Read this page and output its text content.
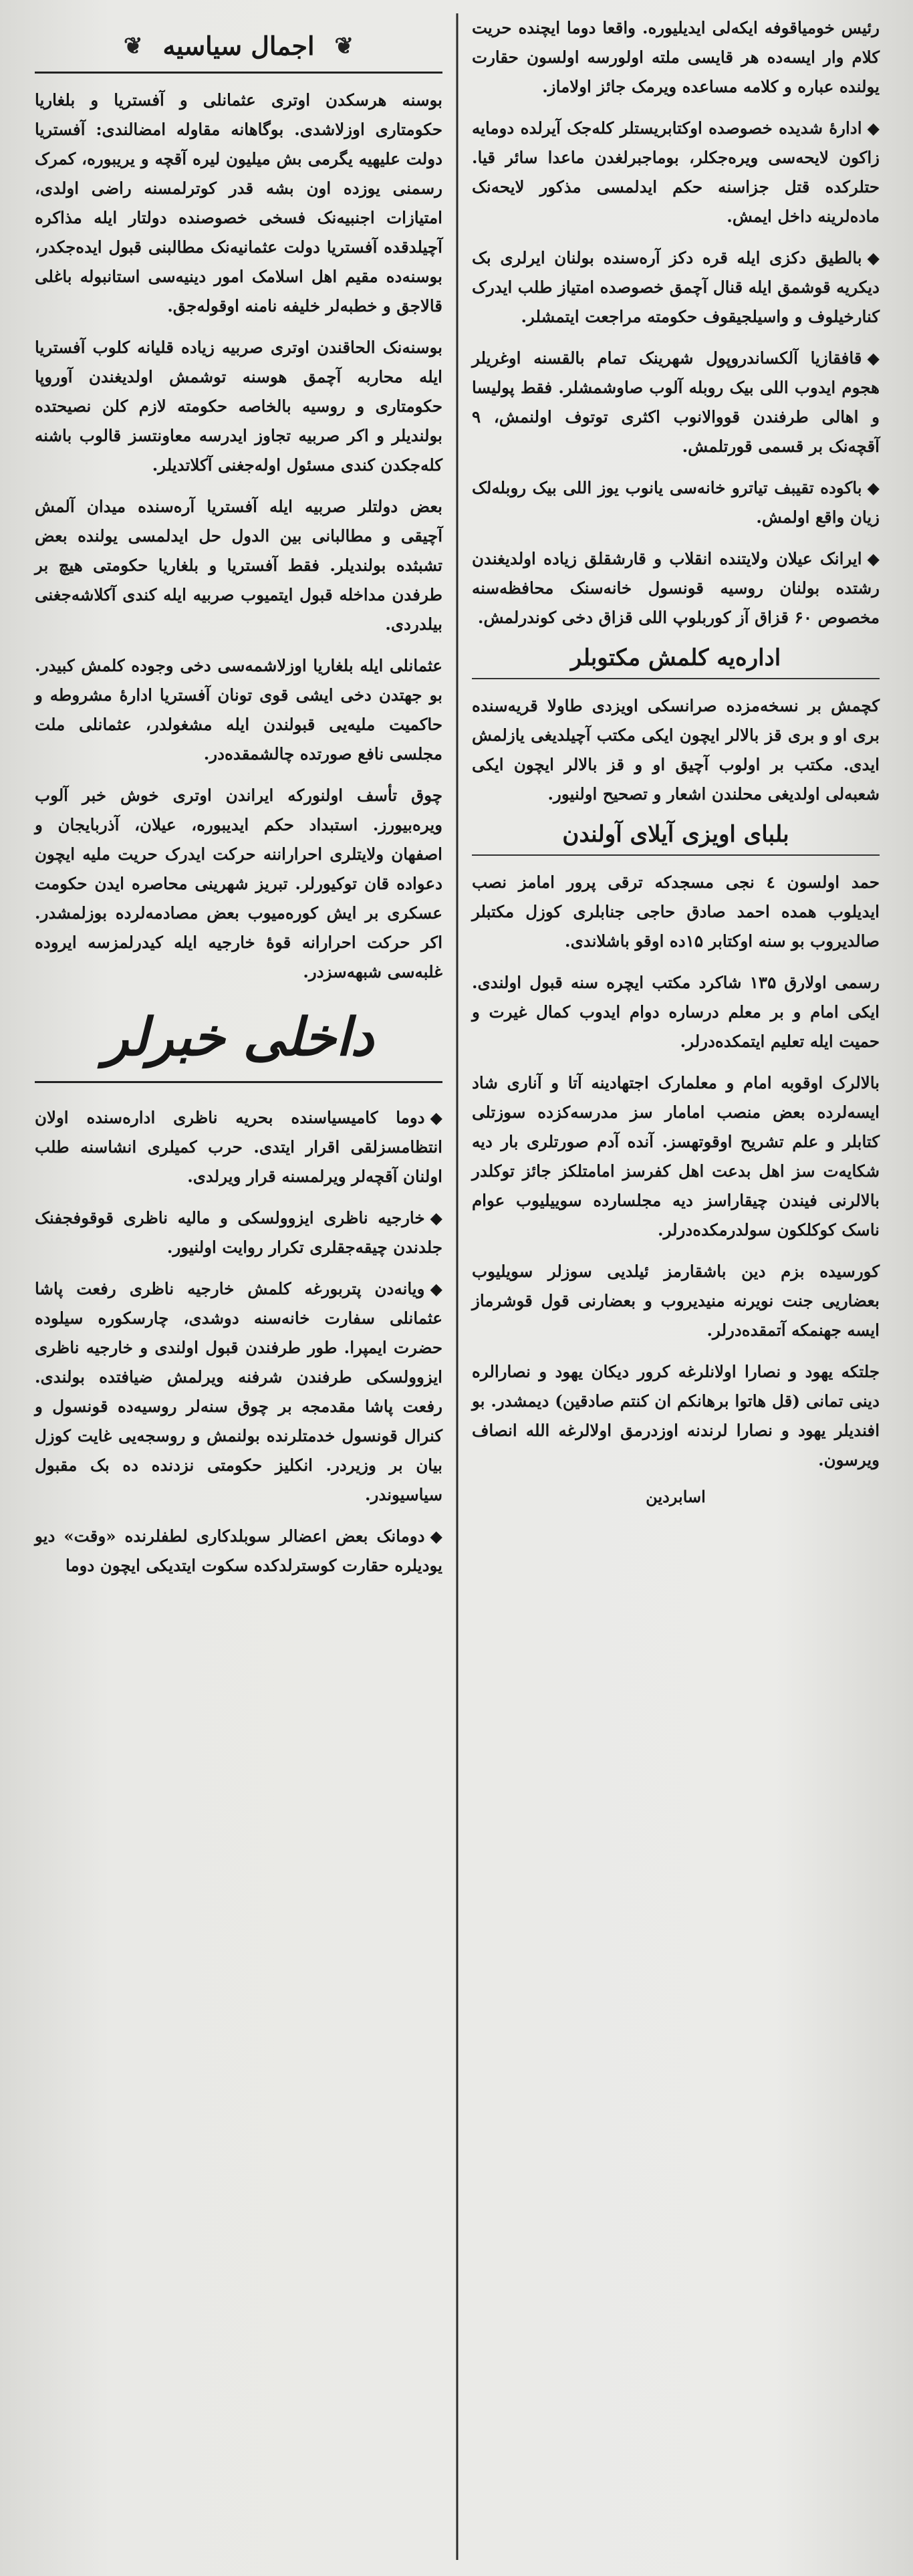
❦
اجمال سیاسیه
❦

بوسنه هرسکدن اوتری عثمانلی و آفستریا و بلغاریا حکومتاری اوزلاشدی. بوگاهانه مقاوله امضالندی: آفستریا دولت علیهیه یگرمی بش میلیون لیره آقچه و یریبوره، کمرک رسمنی یوزده اون بشه قدر کوترلمسنه راضی اولدی، امتیازات اجنبیه‌نک فسخی خصوصنده دولتار ایله مذاکره آچیلدقده آفستریا دولت عثمانیه‌نک مطالبنی قبول ایده‌جکدر، بوسنه‌ده مقیم اهل اسلامک امور دینیه‌سی استانبوله باغلی قالاجق و خطبه‌لر خلیفه نامنه اوقوله‌جق.

بوسنه‌نک الحاقندن اوتری صربیه زیاده قلیانه کلوب آفستریا ایله محاربه آچمق هوسنه توشمش اولدیغندن آوروپا حکومتاری و روسیه بالخاصه حکومته لازم کلن نصیحتده بولندیلر و اکر صربیه تجاوز ایدرسه معاونتسز قالوب باشنه کله‌جکدن کندی مسئول اوله‌جغنی آکلاتدیلر.

بعض دولتلر صربیه ایله آفستریا آره‌سنده میدان آلمش آچیقی و مطالبانی بین الدول حل ایدلمسی یولنده بعض تشبثده بولندیلر. فقط آفستریا و بلغاریا حکومتی هیچ بر طرفدن مداخله قبول ایتمیوب صربیه ایله کندی آکلاشه‌جغنی بیلدردی.

عثمانلی ایله بلغاریا اوزلاشمه‌سی دخی وجوده کلمش کبیدر. بو جهتدن دخی ایشی قوی تونان آفستریا ادارهٔ مشروطه و حاکمیت ملیه‌یی قبولندن ایله مشغولدر، عثمانلی ملت مجلسی نافع صورتده چالشمقده‌در.

چوق تأسف اولنورکه ایراندن اوتری خوش خبر آلوب ویره‌بیورز. استبداد حکم ایدیبوره، عیلان، آذربایجان و اصفهان ولایتلری احراراننه حرکت ایدرک حریت ملیه ایچون دعواده قان توکیورلر. تبریز شهرینی محاصره ایدن حکومت عسکری بر ایش کوره‌میوب بعض مصادمه‌لرده بوزلمشدر. اکر حرکت احرارانه قوهٔ خارجیه ایله کیدرلمزسه ایروده غلبه‌سی شبهه‌سزدر.

داخلی خبرلر

◆دوما کامیسیاسنده بحریه ناظری اداره‌سنده اولان انتظامسزلقی اقرار ایتدی. حرب کمیلری انشاسنه طلب اولنان آقچه‌لر ویرلمسنه قرار ویرلدی.

◆خارجیه ناظری ایزوولسکی و مالیه ناظری قوقوفجفنک جلدندن چیقه‌جقلری تکرار روایت اولنیور.

◆ویانه‌دن پتربورغه کلمش خارجیه ناظری رفعت پاشا عثمانلی سفارت خانه‌سنه دوشدی، چارسکوره سیلوده حضرت ایمپرا. طور طرفندن قبول اولندی و خارجیه ناظری ایزوولسکی طرفندن شرفنه ویرلمش ضیافتده بولندی. رفعت پاشا مقدمجه بر چوق سنه‌لر روسیه‌ده قونسول و کنرال قونسول خدمتلرنده بولنمش و روسجه‌یی غایت کوزل بیان بر وزیردر. انکلیز حکومتی نزدنده ده بک مقبول سیاسیوندر.

◆دومانک بعض اعضالر سوبلدکاری لطفلرنده «وقت» دیو یودیلره حقارت کوسترلدکده سکوت ایتدیکی ایچون دوما

رئیس خومیاقوفه ایکه‌لی ایدیلیوره. واقعا دوما ایچنده حریت کلام وار ایسه‌ده هر قایسی ملته اولورسه اولسون حقارت یولنده عباره و کلامه مساعده ویرمک جائز اولاماز.

◆ادارهٔ شدیده خصوصده اوکتابریستلر کله‌جک آیرلده دومایه زاکون لایحه‌سی ویره‌جکلر، بوماجبرلغدن ماعدا سائر قیا. حتلرکده قتل جزاسنه حکم ایدلمسی مذکور لایحه‌نک ماده‌لرینه داخل ایمش.

◆بالطیق دکزی ایله قره دکز آره‌سنده بولنان ایرلری بک دیکریه قوشمق ایله قنال آچمق خصوصده امتیاز طلب ایدرک کنارخیلوف و واسیلجیقوف حکومته مراجعت ایتمشلر.

◆قافقازیا آلکساندروپول شهرینک تمام بالقسنه اوغریلر هجوم ایدوب اللی بیک روبله آلوب صاوشمشلر. فقط پولیسا و اهالی طرفندن قووالانوب اکثری توتوف اولنمش، ۹ آقچه‌نک بر قسمی قورتلمش.

◆باکوده تقیبف تیاترو خانه‌سی یانوب یوز اللی بیک روبله‌لک زیان واقع اولمش.

◆ایرانک عیلان ولایتنده انقلاب و قارشقلق زیاده اولدیغندن رشتده بولنان روسیه قونسول خانه‌سنک محافظه‌سنه مخصوص ۶۰ قزاق آز کوربلوپ اللی قزاق دخی کوندرلمش.

اداره‌یه کلمش مکتوبلر

کچمش بر نسخه‌مزده صرانسکی اویزدی طاولا قریه‌سنده بری او و بری قز بالالر ایچون ایکی مکتب آچیلدیغی یازلمش ایدی. مکتب بر اولوب آچیق او و قز بالالر ایچون ایکی شعبه‌لی اولدیغی محلندن اشعار و تصحیح اولنیور.

بلبای اویزی آیلای آولندن

حمد اولسون ٤ نجی مسجدکه ترقی پرور امامز نصب ایدیلوب همده احمد صادق حاجی جنابلری کوزل مکتبلر صالدیروب بو سنه اوکتابر ۱۵ده اوقو باشلاندی.

رسمی اولارق ۱۳۵ شاکرد مکتب ایچره سنه قبول اولندی. ایکی امام و بر معلم درساره دوام ایدوب کمال غیرت و حمیت ایله تعلیم ایتمکده‌درلر.

بالالرک اوقوبه امام و معلمارک اجتهادینه آتا و آناری شاد ایسه‌لرده بعض منصب امامار سز مدرسه‌کزده سوزتلی کتابلر و علم تشریح اوقوتهسز. آنده آدم صورتلری بار دیه شکایه‌ت سز اهل بدعت اهل کفرسز امامتلکز جائز توکلدر بالالرنی فیندن چیقاراسز دیه مجلسارده سوییلیوب عوام ناسک کوکلکون سولدرمکده‌درلر.

کورسیده بزم دین باشقارمز ئیلدیی سوزلر سویلیوب بعضاریی جنت نویرنه منیدیروب و بعضارنی قول قوشرماز ایسه جهنمکه آتمقده‌درلر.

جلتکه یهود و نصارا اولانلرغه کرور دیکان یهود و نصارالره دینی تمانی (قل هاتوا برهانکم ان کنتم صادقین) دیمشدر. بو افندیلر یهود و نصارا لرندنه اوزدرمق اولالرغه الله انصاف ویرسون.

اسابردين
